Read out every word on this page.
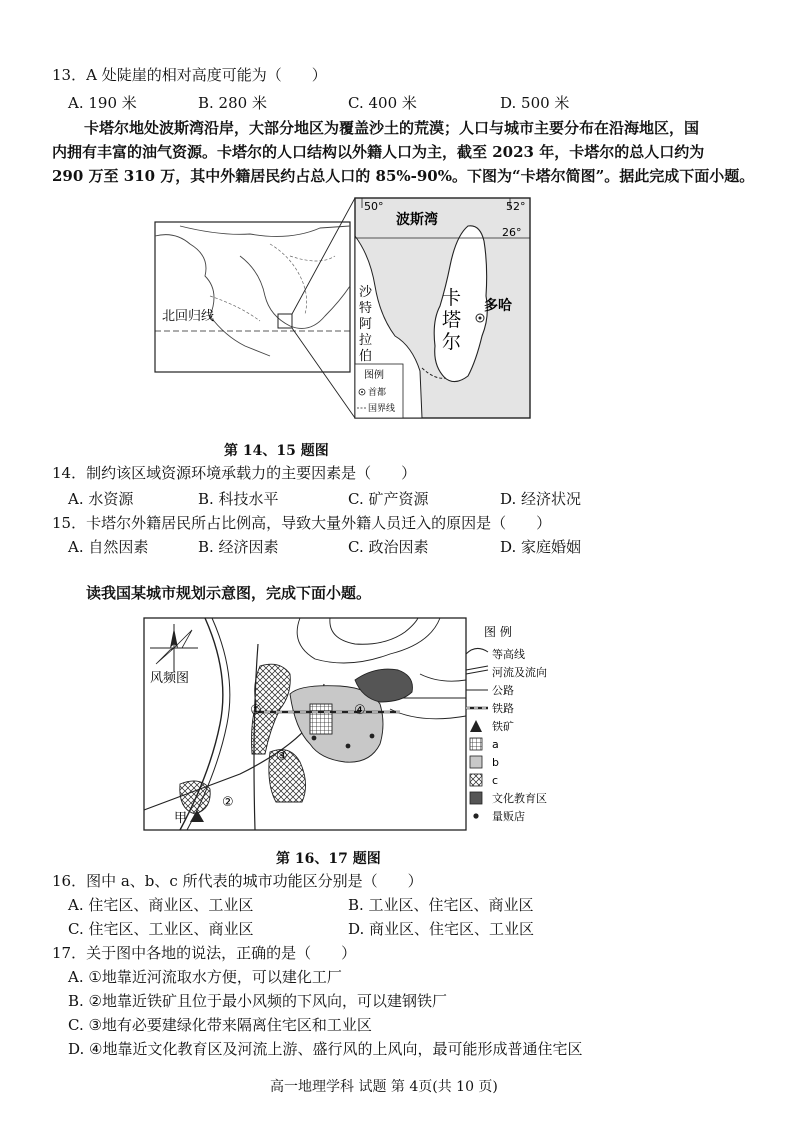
13．A 处陡崖的相对高度可能为（　　）
A. 190 米	B. 280 米	C. 400 米	D. 500 米
卡塔尔地处波斯湾沿岸，大部分地区为覆盖沙土的荒漠；人口与城市主要分布在沿海地区，国
内拥有丰富的油气资源。卡塔尔的人口结构以外籍人口为主，截至 2023 年，卡塔尔的总人口约为
290 万至 310 万，其中外籍居民约占总人口的 85%-90%。下图为“卡塔尔简图”。据此完成下面小题。
北回归线
50°	52°
26°
波斯湾
卡
塔
尔
多哈
沙
特
阿
拉
伯
图例
首都
国界线
第 14、15 题图
14．制约该区域资源环境承载力的主要因素是（　　）
A. 水资源	B. 科技水平	C. 矿产资源	D. 经济状况
15．卡塔尔外籍居民所占比例高，导致大量外籍人员迁入的原因是（　　）
A. 自然因素	B. 经济因素	C. 政治因素	D. 家庭婚姻
读我国某城市规划示意图，完成下面小题。
风频图
甲
①
②
③
④
图 例
等高线
河流及流向
公路
铁路
铁矿
a
b
c
文化教育区
量贩店
第 16、17 题图
16．图中 a、b、c 所代表的城市功能区分别是（　　）
A. 住宅区、商业区、工业区	B. 工业区、住宅区、商业区
C. 住宅区、工业区、商业区	D. 商业区、住宅区、工业区
17．关于图中各地的说法，正确的是（　　）
A. ①地靠近河流取水方便，可以建化工厂
B. ②地靠近铁矿且位于最小风频的下风向，可以建钢铁厂
C. ③地有必要建绿化带来隔离住宅区和工业区
D. ④地靠近文化教育区及河流上游、盛行风的上风向，最可能形成普通住宅区
高一地理学科 试题 第 4页(共 10 页)
